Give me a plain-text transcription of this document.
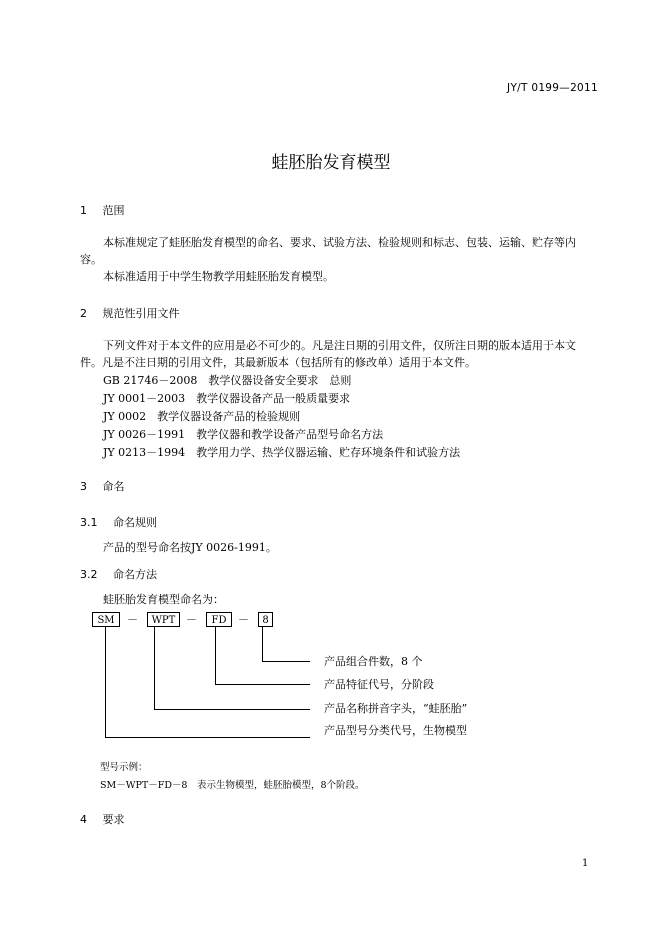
JY/T 0199—2011
蛙胚胎发育模型
1 范围
本标准规定了蛙胚胎发育模型的命名、要求、试验方法、检验规则和标志、包装、运输、贮存等内
容。
本标准适用于中学生物教学用蛙胚胎发育模型。
2 规范性引用文件
下列文件对于本文件的应用是必不可少的。凡是注日期的引用文件，仅所注日期的版本适用于本文
件。凡是不注日期的引用文件，其最新版本（包括所有的修改单）适用于本文件。
GB 21746－2008　教学仪器设备安全要求　总则
JY 0001－2003　教学仪器设备产品一般质量要求
JY 0002　教学仪器设备产品的检验规则
JY 0026－1991　教学仪器和教学设备产品型号命名方法
JY 0213－1994　教学用力学、热学仪器运输、贮存环境条件和试验方法
3 命名
3.1 命名规则
产品的型号命名按JY 0026-1991。
3.2 命名方法
蛙胚胎发育模型命名为：
SM	－	WPT －	FD	－	8
产品组合件数，8 个
产品特征代号，分阶段
产品名称拼音字头，“蛙胚胎”
产品型号分类代号，生物模型
型号示例：
SM－WPT－FD－8　表示生物模型，蛙胚胎模型，8个阶段。
4 要求
1
